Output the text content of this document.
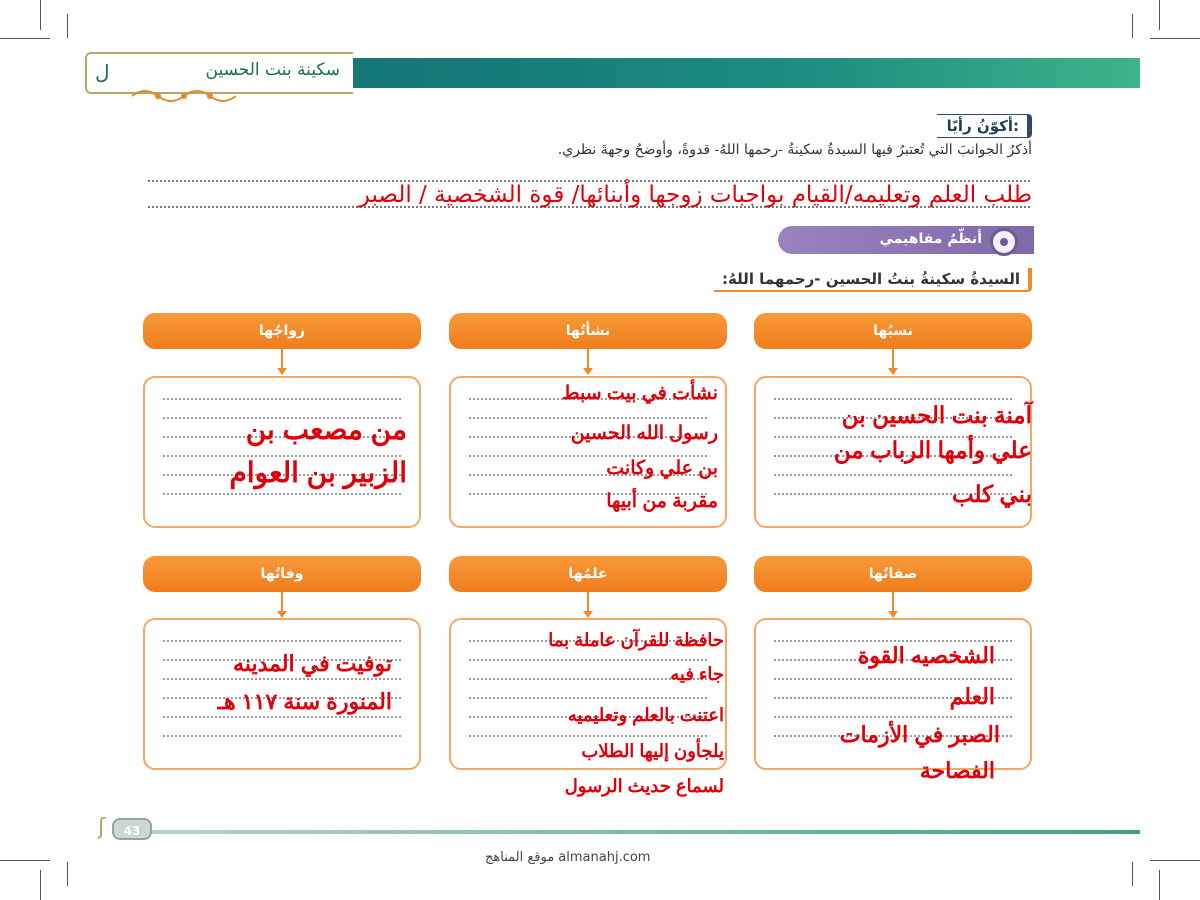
سكينة بنت الحسين
ل
أكوّنُ رأيًا:
أذكرُ الجوانبَ التي تُعتبرُ فيها السيدةُ سكينةُ -رحمها اللهُ- قدوةً، وأوضحُ وجهةَ نظري.
طلب العلم وتعليمه/القيام بواجبات زوجها وأبنائها/ قوة الشخصية / الصبر
أنظّمُ مفاهيمي
السيدةُ سكينةُ بنتُ الحسين -رحمهما اللهُ:
نسبُها
نشأتُها
زواجُها
آمنة بنت الحسين بن
علي وأمها الرباب من
بني كلب
نشأت في بيت سبط
رسول الله الحسين
بن علي وكانت
مقربة من أبيها
من مصعب بن
الزبير بن العوام
صفاتُها
علمُها
وفاتُها
الشخصيه القوة
العلم
الصبر في الأزمات
الفصاحة
حافظة للقرآن عاملة بما
جاء فيه
اعتنت بالعلم وتعليميه
يلجأون إليها الطلاب
لسماع حديث الرسول
توفيت في المدينه
المنورة سنة ١١٧ هـ
ʃ	43
موقع المناهج almanahj.com
